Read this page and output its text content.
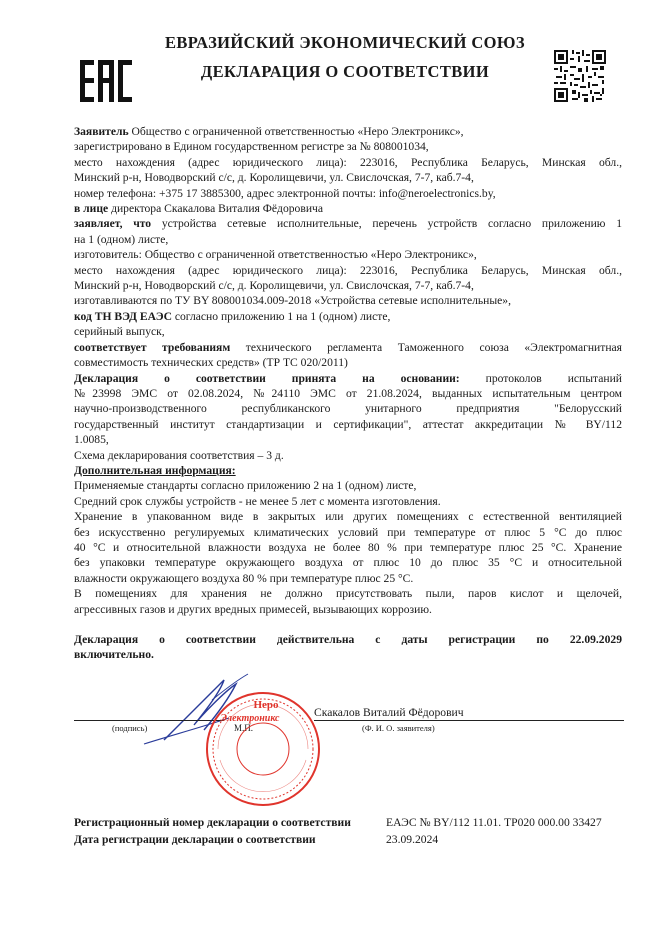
ЕВРАЗИЙСКИЙ ЭКОНОМИЧЕСКИЙ СОЮЗ
ДЕКЛАРАЦИЯ О СООТВЕТСТВИИ

Заявитель Общество с ограниченной ответственностью «Неро Электроникс»,

зарегистрировано в Едином государственном регистре за № 808001034,

место нахождения (адрес юридического лица): 223016, Республика Беларусь, Минская обл.,

Минский р-н, Новодворский с/с, д. Королищевичи, ул. Свислочская, 7-7, каб.7-4,

номер телефона: +375 17 3885300, адрес электронной почты: info@neroelectronics.by,

в лице директора Скакалова Виталия Фёдоровича

заявляет, что устройства сетевые исполнительные, перечень устройств согласно приложению 1

на 1 (одном) листе,

изготовитель: Общество с ограниченной ответственностью «Неро Электроникс»,

место нахождения (адрес юридического лица): 223016, Республика Беларусь, Минская обл.,

Минский р-н, Новодворский с/с, д. Королищевичи, ул. Свислочская, 7-7, каб.7-4,

изготавливаются по ТУ BY 808001034.009-2018 «Устройства сетевые исполнительные»,

код ТН ВЭД ЕАЭС согласно приложению 1 на 1 (одном) листе,

серийный выпуск,

соответствует требованиям технического регламента Таможенного союза «Электромагнитная

совместимость технических средств» (ТР ТС 020/2011)

Декларация о соответствии принята на основании: протоколов испытаний

№23998 ЭМС от 02.08.2024, №24110 ЭМС от 21.08.2024, выданных испытательным центром

научно-производственного республиканского унитарного предприятия "Белорусский

государственный институт стандартизации и сертификации", аттестат аккредитации № BY/112

1.0085,

Схема декларирования соответствия – 3 д.

Дополнительная информация:

Применяемые стандарты согласно приложению 2 на 1 (одном) листе,

Средний срок службы устройств - не менее 5 лет с момента изготовления.

Хранение в упакованном виде в закрытых или других помещениях с естественной вентиляцией

без искусственно регулируемых климатических условий при температуре от плюс 5 °С до плюс

40 °С и относительной влажности воздуха не более 80 % при температуре плюс 25 °С. Хранение

без упаковки температуре окружающего воздуха от плюс 10 до плюс 35 °С и относительной

влажности окружающего воздуха 80 % при температуре плюс 25 °С.

В помещениях для хранения не должно присутствовать пыли, паров кислот и щелочей,

агрессивных газов и других вредных примесей, вызывающих коррозию.

Декларация о соответствии действительна с даты регистрации по 22.09.2029

включительно.

Скакалов Виталий Фёдорович
(подпись)	М.П.	(Ф. И. О. заявителя)
Неро
Электроникс
Регистрационный номер декларации о соответствии	ЕАЭС № BY/112 11.01. ТР020 000.00 33427
Дата регистрации декларации о соответствии	23.09.2024
